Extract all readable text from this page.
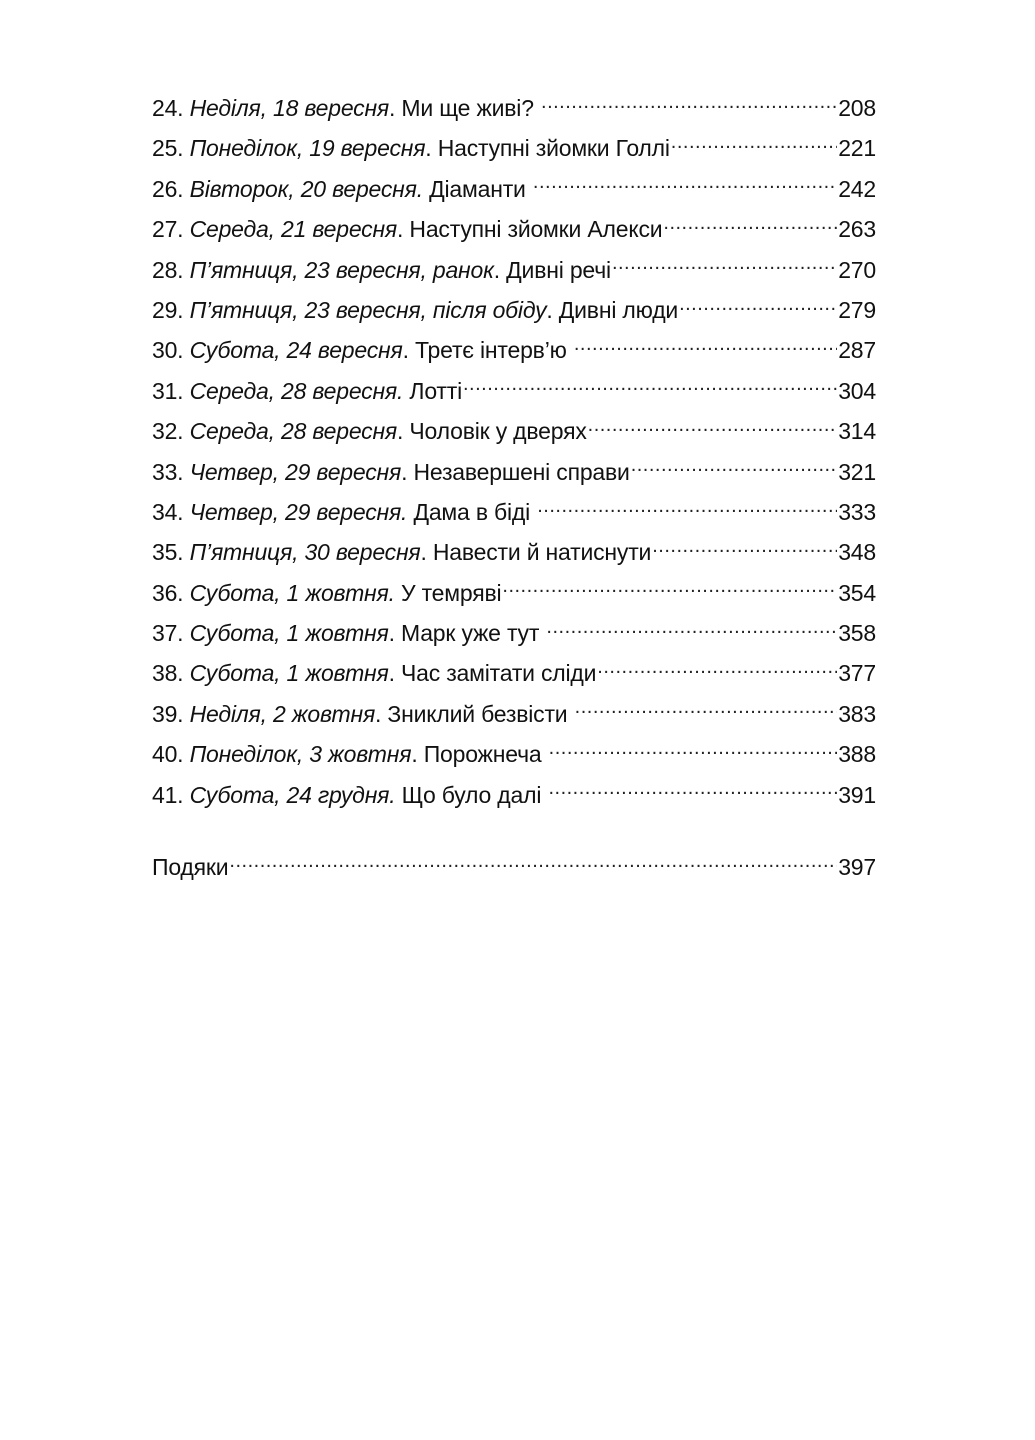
24.
Неділя, 18 вересня . Ми ще живі?
.....	208
25.
Понеділок, 19 вересня . Наступні зйомки Голлі .....	221
26.
Вівторок, 20 вересня.
Діаманти
.....	242
27.
Середа, 21 вересня . Наступні зйомки Алекси .....	263
28.
П’ятниця, 23 вересня, ранок . Дивні речі .....	270
29.
П’ятниця, 23 вересня, після обіду . Дивні люди .....	279
30.
Субота, 24 вересня . Третє інтерв’ю
.....	287
31.
Середа, 28 вересня.
Лотті .....	304
32.
Середа, 28 вересня . Чоловік у дверях .....	314
33.
Четвер, 29 вересня . Незавершені справи .....	321
34.
Четвер, 29 вересня.
Дама в біді
.....	333
35.
П’ятниця, 30 вересня . Навести й натиснути .....	348
36.
Субота, 1 жовтня.
У темряві .....	354
37.
Субота, 1 жовтня . Марк уже тут
.....	358
38.
Субота, 1 жовтня . Час замітати сліди .....	377
39.
Неділя, 2 жовтня . Зниклий безвісти
.....	383
40.
Понеділок, 3 жовтня . Порожнеча
.....	388
41.
Субота, 24 грудня.
Що було далі
.....	391
Подяки .....	397
